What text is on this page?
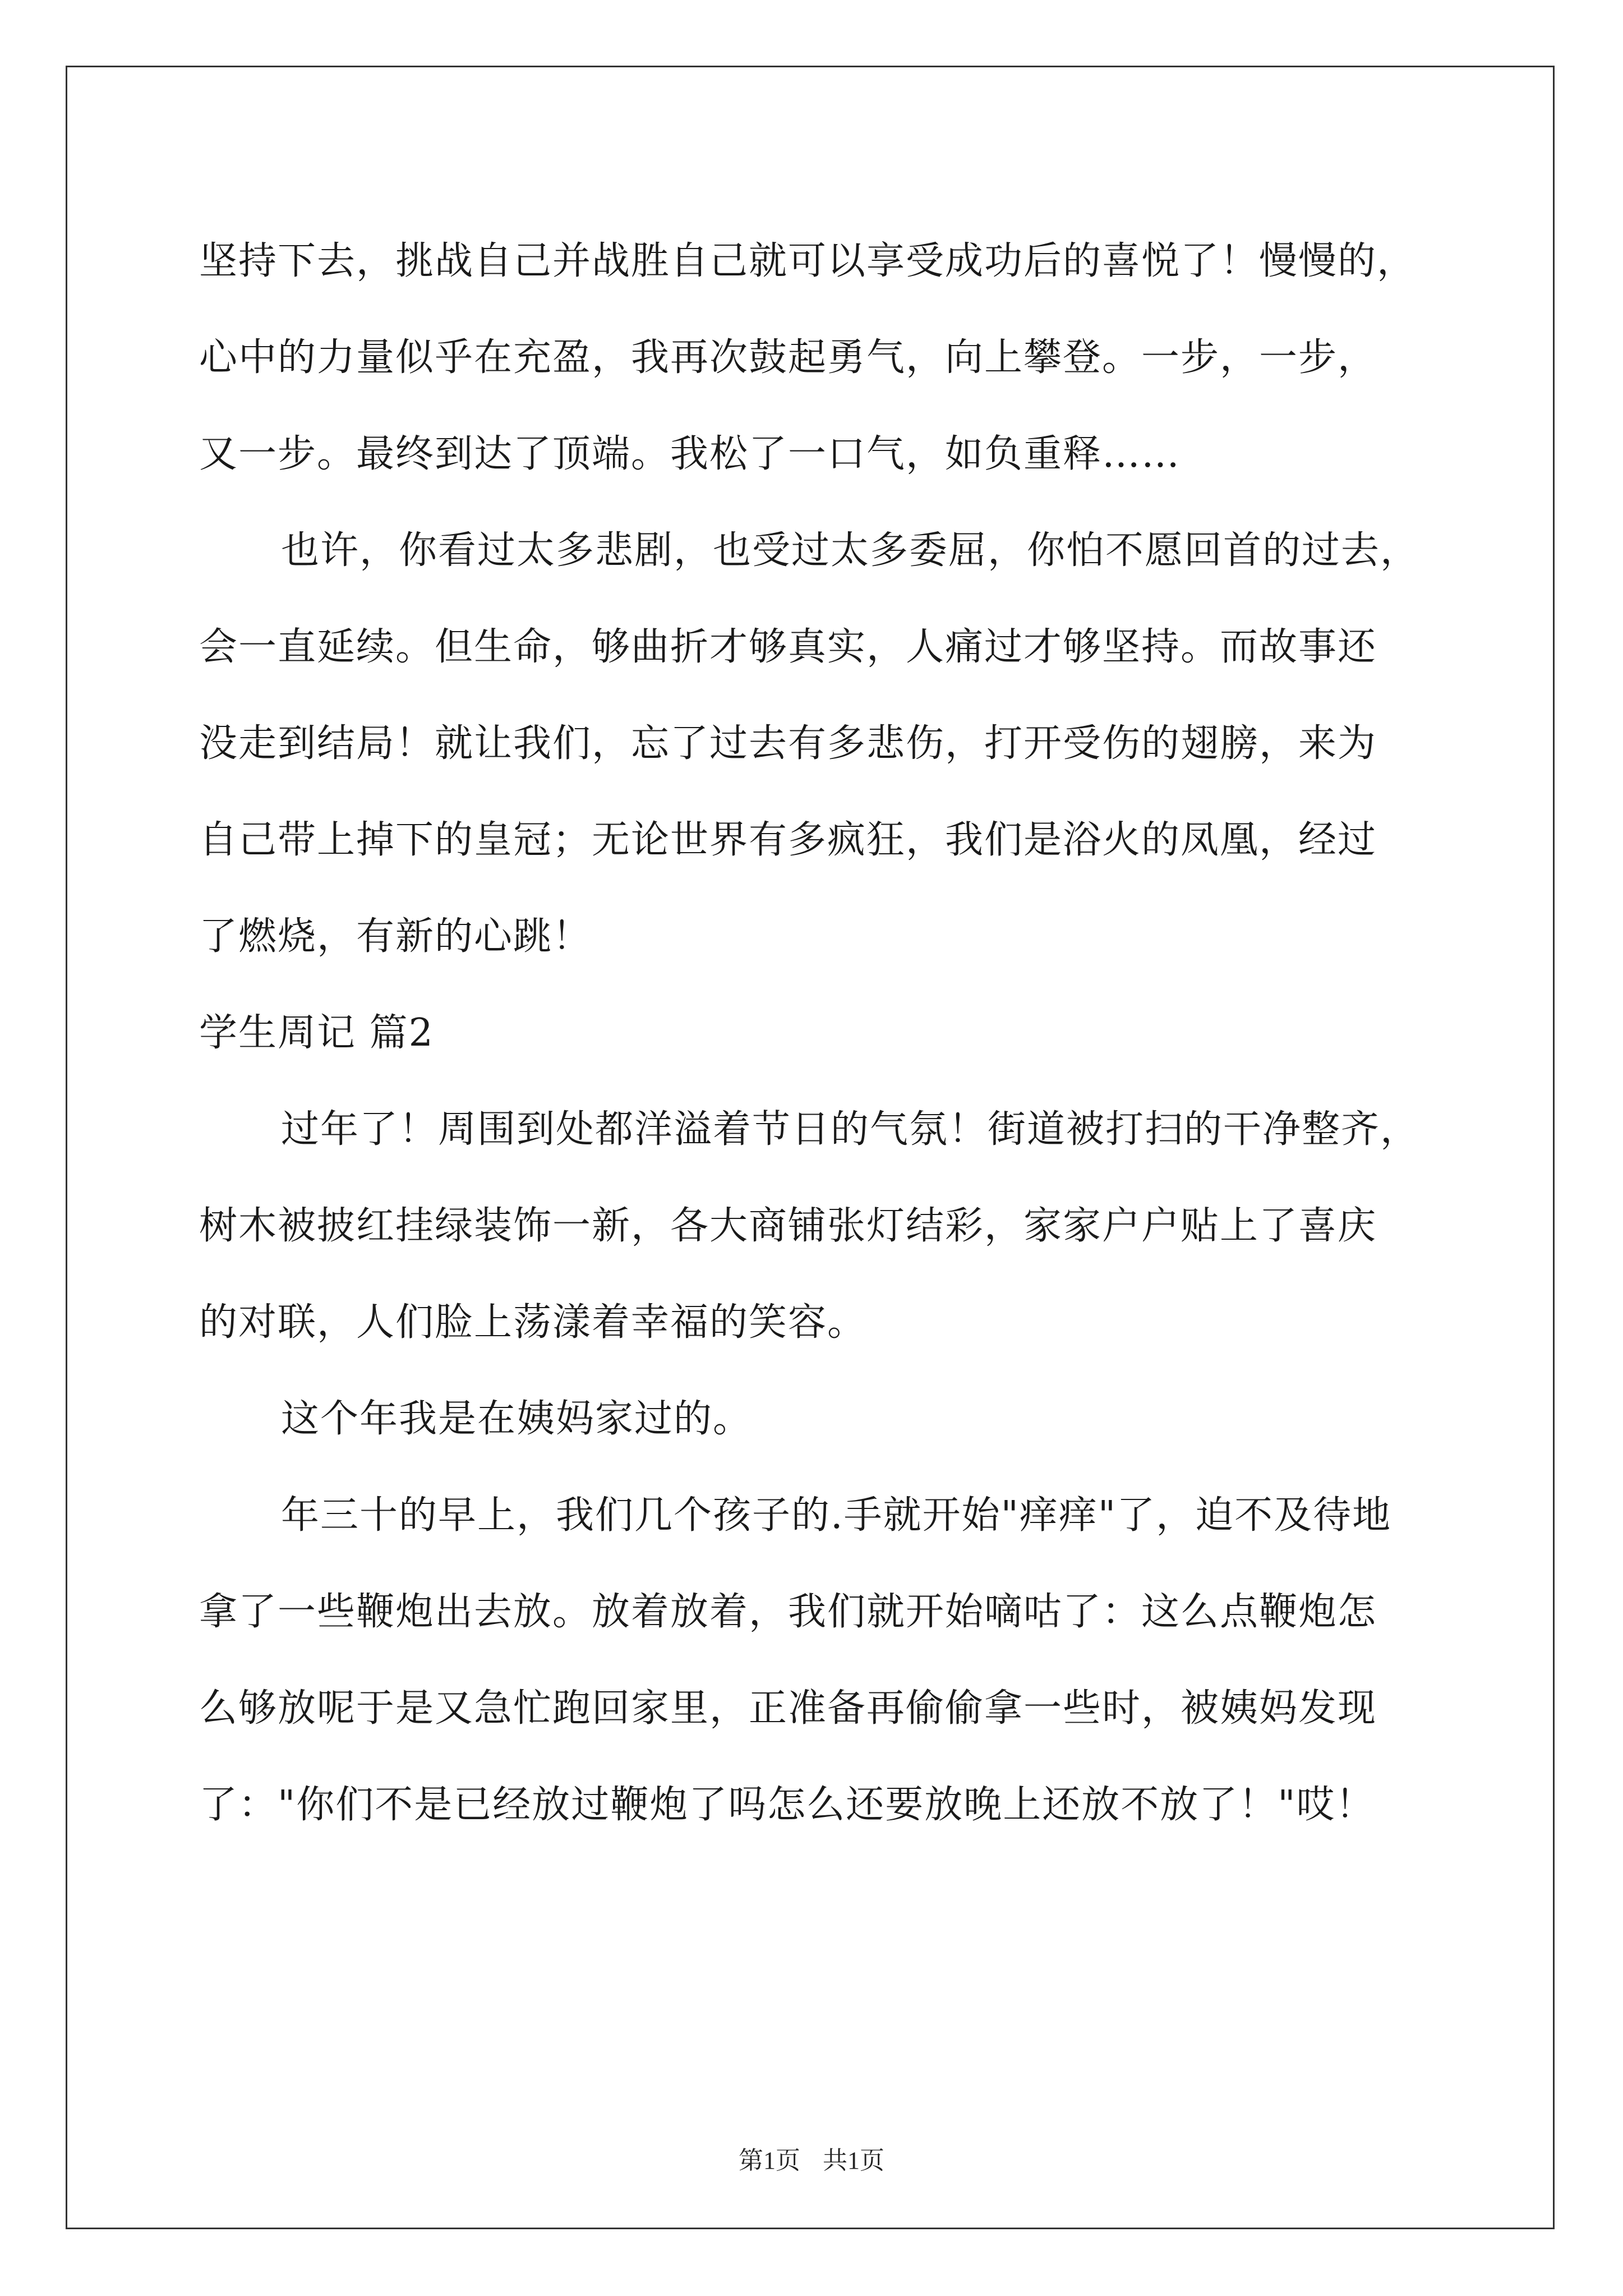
坚持下去，挑战自己并战胜自己就可以享受成功后的喜悦了！慢慢的，
心中的力量似乎在充盈，我再次鼓起勇气，向上攀登。一步，一步，
又一步。最终到达了顶端。我松了一口气，如负重释……
也许，你看过太多悲剧，也受过太多委屈，你怕不愿回首的过去，
会一直延续。但生命，够曲折才够真实，人痛过才够坚持。而故事还
没走到结局！就让我们，忘了过去有多悲伤，打开受伤的翅膀，来为
自己带上掉下的皇冠；无论世界有多疯狂，我们是浴火的凤凰，经过
了燃烧，有新的心跳！
学生周记 篇2
过年了！周围到处都洋溢着节日的气氛！街道被打扫的干净整齐，
树木被披红挂绿装饰一新，各大商铺张灯结彩，家家户户贴上了喜庆
的对联，人们脸上荡漾着幸福的笑容。
这个年我是在姨妈家过的。
年三十的早上，我们几个孩子的.手就开始"痒痒"了，迫不及待地
拿了一些鞭炮出去放。放着放着，我们就开始嘀咕了：这么点鞭炮怎
么够放呢于是又急忙跑回家里，正准备再偷偷拿一些时，被姨妈发现
了："你们不是已经放过鞭炮了吗怎么还要放晚上还放不放了！"哎！
第1页 共1页
